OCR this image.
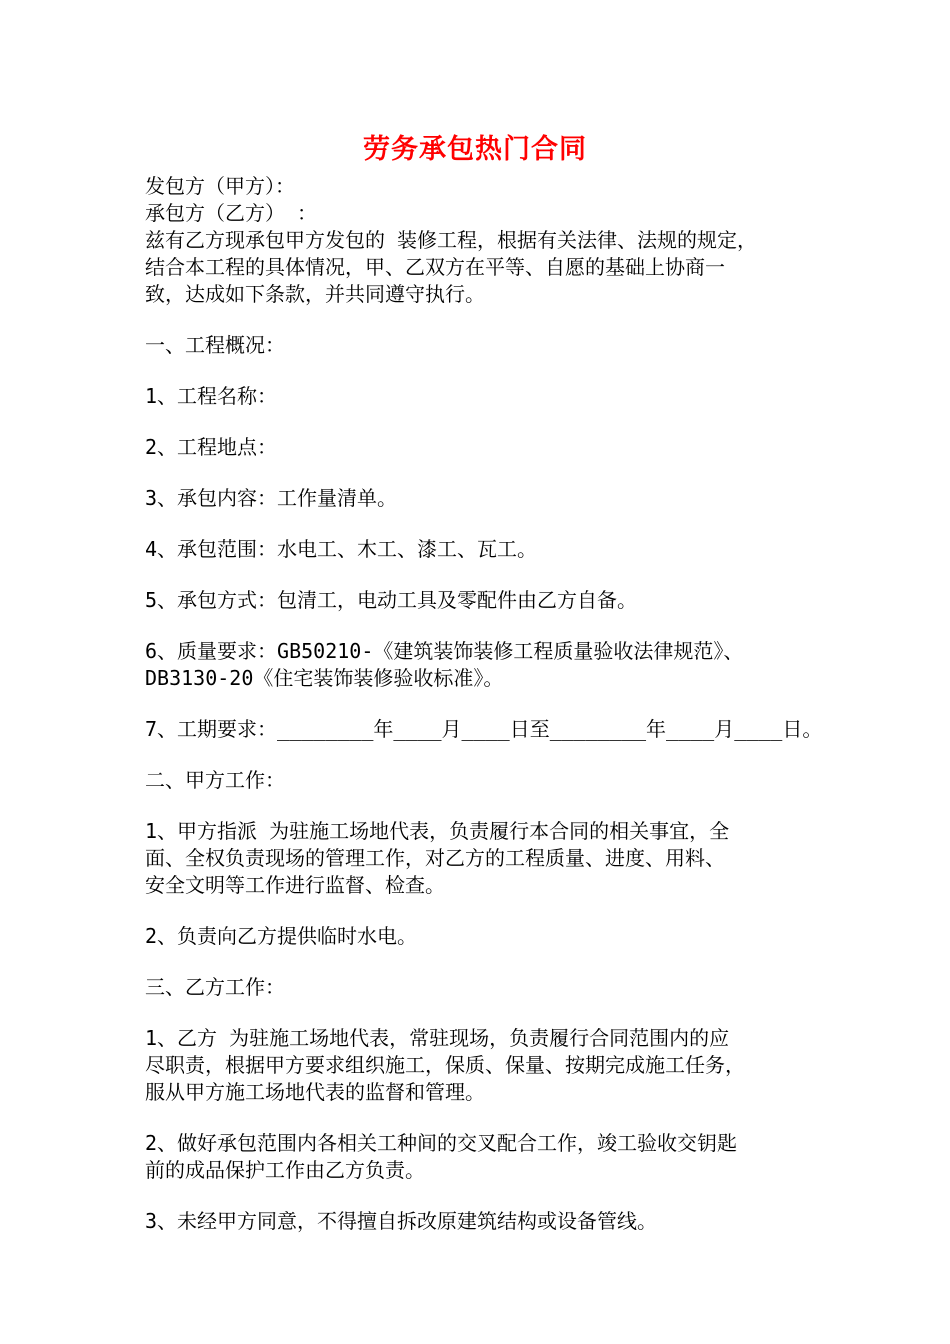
劳务承包热门合同

发包方（甲方）：

承包方（乙方） ：

兹有乙方现承包甲方发包的 装修工程，根据有关法律、法规的规定，

结合本工程的具体情况，甲、乙双方在平等、自愿的基础上协商一

致，达成如下条款，并共同遵守执行。

一、工程概况：

1、工程名称：

2、工程地点：

3、承包内容：工作量清单。

4、承包范围：水电工、木工、漆工、瓦工。

5、承包方式：包清工，电动工具及零配件由乙方自备。

6、质量要求：GB50210-《建筑装饰装修工程质量验收法律规范》、

DB3130-20《住宅装饰装修验收标准》。

7、工期要求：________年____月____日至________年____月____日。

二、甲方工作：

1、甲方指派 为驻施工场地代表，负责履行本合同的相关事宜，全

面、全权负责现场的管理工作，对乙方的工程质量、进度、用料、

安全文明等工作进行监督、检查。

2、负责向乙方提供临时水电。

三、乙方工作：

1、乙方 为驻施工场地代表，常驻现场，负责履行合同范围内的应

尽职责，根据甲方要求组织施工，保质、保量、按期完成施工任务，

服从甲方施工场地代表的监督和管理。

2、做好承包范围内各相关工种间的交叉配合工作，竣工验收交钥匙

前的成品保护工作由乙方负责。

3、未经甲方同意，不得擅自拆改原建筑结构或设备管线。
